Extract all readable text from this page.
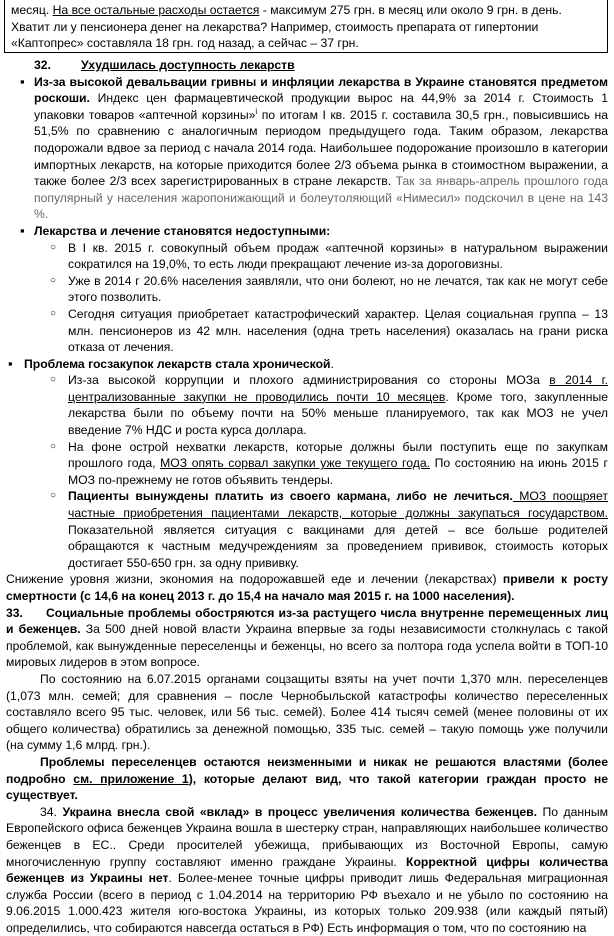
месяц. На все остальные расходы остается - максимум 275 грн. в месяц или около 9 грн. в день.

Хватит ли у пенсионера денег на лекарства? Например, стоимость препарата от гипертонии «Каптопрес» составляла 18 грн. год назад, а сейчас – 37 грн.

32. Ухудшилась доступность лекарств

▪ Из-за высокой девальвации гривны и инфляции лекарства в Украине становятся предметом роскоши. Индекс цен фармацевтической продукции вырос на 44,9% за 2014 г. Стоимость 1 упаковки товаров «аптечной корзины»$^i$ по итогам I кв. 2015 г. составила 30,5 грн., повысившись на 51,5% по сравнению с аналогичным периодом предыдущего года. Таким образом, лекарства подорожали вдвое за период с начала 2014 года. Наибольшее подорожание произошло в категории импортных лекарств, на которые приходится более 2/3 объема рынка в стоимостном выражении, а также более 2/3 всех зарегистрированных в стране лекарств. Так за январь-апрель прошлого года популярный у населения жаропонижающий и болеутоляющий «Нимесил» подскочил в цене на 143 %.

▪ Лекарства и лечение становятся недоступными:

○ В I кв. 2015 г. совокупный объем продаж «аптечной корзины» в натуральном выражении сократился на 19,0%, то есть люди прекращают лечение из-за дороговизны.

○ Уже в 2014 г 20.6% населения заявляли, что они болеют, но не лечатся, так как не могут себе этого позволить.

○ Сегодня ситуация приобретает катастрофический характер. Целая социальная группа – 13 млн. пенсионеров из 42 млн. населения (одна треть населения) оказалась на грани риска отказа от лечения.

▪ Проблема госзакупок лекарств стала хронической.

○ Из-за высокой коррупции и плохого администрирования со стороны МОЗа в 2014 г. централизованные закупки не проводились почти 10 месяцев. Кроме того, закупленные лекарства были по объему почти на 50% меньше планируемого, так как МОЗ не учел введение 7% НДС и роста курса доллара.

○ На фоне острой нехватки лекарств, которые должны были поступить еще по закупкам прошлого года, МОЗ опять сорвал закупки уже текущего года. По состоянию на июнь 2015 г МОЗ по-прежнему не готов объявить тендеры.

○ Пациенты вынуждены платить из своего кармана, либо не лечиться. МОЗ поощряет частные приобретения пациентами лекарств, которые должны закупаться государством. Показательной является ситуация с вакцинами для детей – все больше родителей обращаются к частным медучреждениям за проведением прививок, стоимость которых достигает 550-650 грн. за одну прививку.

Снижение уровня жизни, экономия на подорожавшей еде и лечении (лекарствах) привели к росту смертности (с 14,6 на конец 2013 г. до 15,4 на начало мая 2015 г. на 1000 населения).

33. Социальные проблемы обостряются из-за растущего числа внутренне перемещенных лиц и беженцев. За 500 дней новой власти Украина впервые за годы независимости столкнулась с такой проблемой, как вынужденные переселенцы и беженцы, но всего за полтора года успела войти в ТОП-10 мировых лидеров в этом вопросе.

По состоянию на 6.07.2015 органами соцзащиты взяты на учет почти 1,370 млн. переселенцев (1,073 млн. семей; для сравнения – после Чернобыльской катастрофы количество переселенных составляло всего 95 тыс. человек, или 56 тыс. семей). Более 414 тысяч семей (менее половины от их общего количества) обратились за денежной помощью, 335 тыс. семей – такую помощь уже получили (на сумму 1,6 млрд. грн.).

Проблемы переселенцев остаются неизменными и никак не решаются властями (более подробно см. приложение 1), которые делают вид, что такой категории граждан просто не существует.

34. Украина внесла свой «вклад» в процесс увеличения количества беженцев. По данным Европейского офиса беженцев Украина вошла в шестерку стран, направляющих наибольшее количество беженцев в ЕС.. Среди просителей убежища, прибывающих из Восточной Европы, самую многочисленную группу составляют именно граждане Украины. Корректной цифры количества беженцев из Украины нет. Более-менее точные цифры приводит лишь Федеральная миграционная служба России (всего в период с 1.04.2014 на территорию РФ въехало и не убыло по состоянию на 9.06.2015 1.000.423 жителя юго-востока Украины, из которых только 209.938 (или каждый пятый) определились, что собираются навсегда остаться в РФ) Есть информация о том, что по состоянию на
